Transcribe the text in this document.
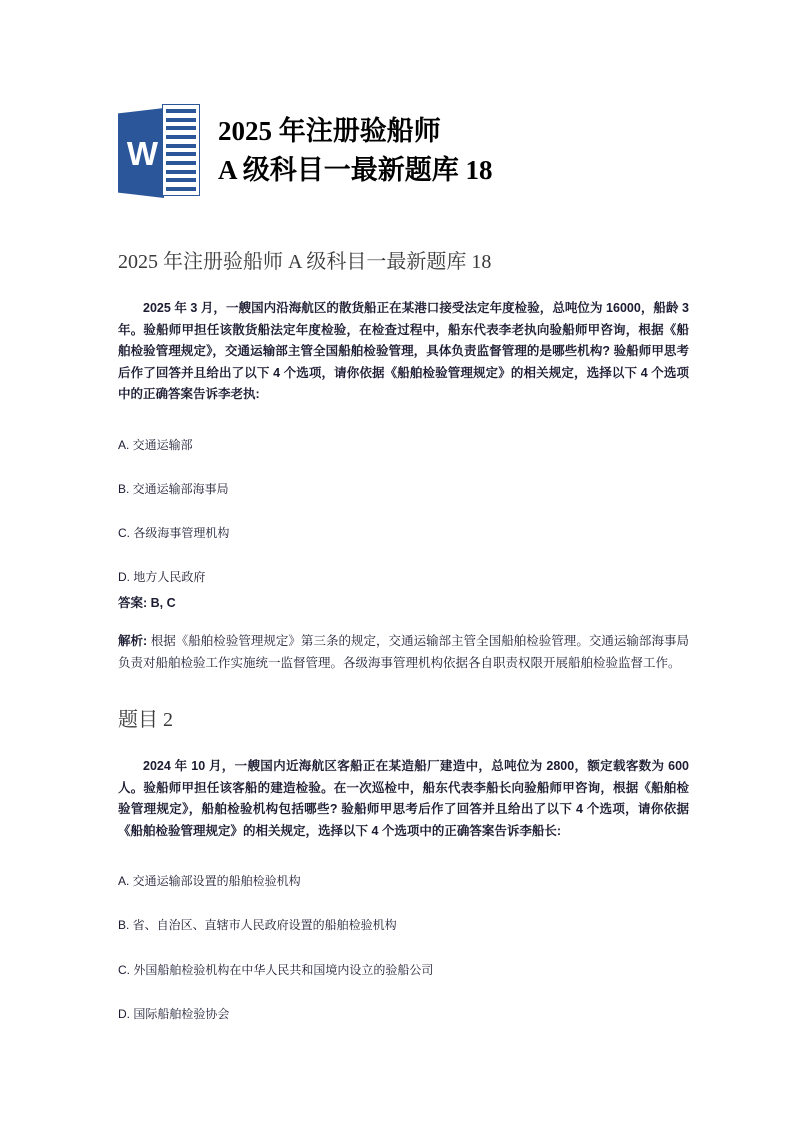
W
2025 年注册验船师
A 级科目一最新题库 18
2025 年注册验船师 A 级科目一最新题库 18

2025 年 3 月，一艘国内沿海航区的散货船正在某港口接受法定年度检验，总吨位为 16000，船龄 3 年。验船师甲担任该散货船法定年度检验，在检查过程中，船东代表李老执向验船师甲咨询，根据《船舶检验管理规定》，交通运输部主管全国船舶检验管理，具体负责监督管理的是哪些机构? 验船师甲思考后作了回答并且给出了以下 4 个选项，请你依据《船舶检验管理规定》的相关规定，选择以下 4 个选项中的正确答案告诉李老执:

A. 交通运输部
B. 交通运输部海事局
C. 各级海事管理机构
D. 地方人民政府

答案: B, C

解析: 根据《船舶检验管理规定》第三条的规定，交通运输部主管全国船舶检验管理。交通运输部海事局负责对船舶检验工作实施统一监督管理。各级海事管理机构依据各自职责权限开展船舶检验监督工作。

题目 2

2024 年 10 月，一艘国内近海航区客船正在某造船厂建造中，总吨位为 2800，额定载客数为 600 人。验船师甲担任该客船的建造检验。在一次巡检中，船东代表李船长向验船师甲咨询，根据《船舶检验管理规定》，船舶检验机构包括哪些? 验船师甲思考后作了回答并且给出了以下 4 个选项，请你依据《船舶检验管理规定》的相关规定，选择以下 4 个选项中的正确答案告诉李船长:

A. 交通运输部设置的船舶检验机构
B. 省、自治区、直辖市人民政府设置的船舶检验机构
C. 外国船舶检验机构在中华人民共和国境内设立的验船公司
D. 国际船舶检验协会
